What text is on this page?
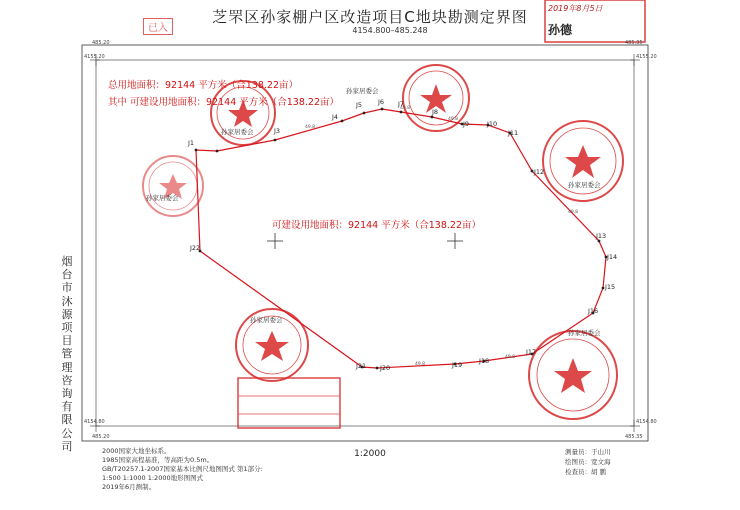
芝罘区孙家棚户区改造项目C地块勘测定界图
4154.800–485.248
485.20
4155.20
485.35
4155.20
4154.80
485.20
4154.80
485.35
烟台市沐源项目管理咨询有限公司
总用地面积：92144 平方米（合138.22亩）
其中 可建设用地面积：92144 平方米（合138.22亩）
可建设用地面积：92144 平方米（合138.22亩）
J1
J22
J3
J4
J5 J6 J7
J8
J9	J10
J11
J12
J13
J14
J15
J16
J17
J18
J19
J20
J21
49.8
49.8
49.8
49.8
49.8
49.8
孙家居委会
孙家居委会
孙家居委会
孙家居委会
孙家居委会
孙家居委会
已入
2019年8月5日
孙德
1:2000
2000国家大地坐标系。
1985国家高程基准，等高距为0.5m。
GB/T20257.1-2007国家基本比例尺地图图式 第1部分:
1:500 1:1000 1:2000地形图图式
2019年6月测制。
测量员：于山川
绘图员：宽文海
检查员：胡 鹏
